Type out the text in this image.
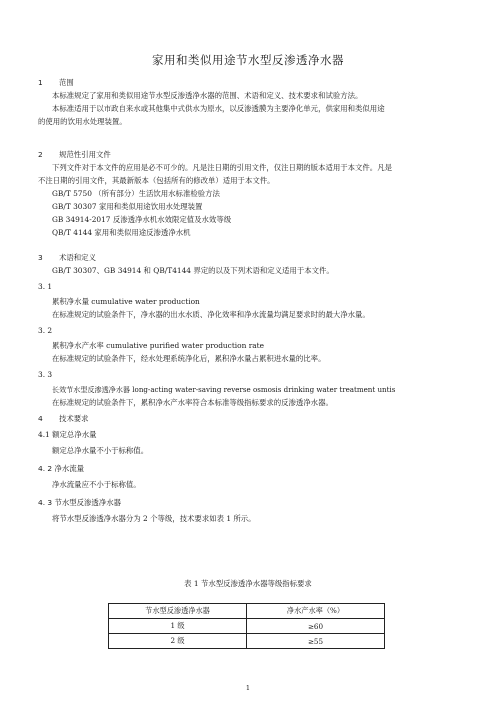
家用和类似用途节水型反渗透净水器
1 范围
本标准规定了家用和类似用途节水型反渗透净水器的范围、术语和定义、技术要求和试验方法。
本标准适用于以市政自来水或其他集中式供水为原水，以反渗透膜为主要净化单元，供家用和类似用途
的使用的饮用水处理装置。
2 规范性引用文件
下列文件对于本文件的应用是必不可少的。凡是注日期的引用文件，仅注日期的版本适用于本文件。凡是
不注日期的引用文件，其最新版本（包括所有的修改单）适用于本文件。
GB/T 5750 （所有部分）生活饮用水标准检验方法
GB/T 30307 家用和类似用途饮用水处理装置
GB 34914-2017 反渗透净水机水效限定值及水效等级
QB/T 4144 家用和类似用途反渗透净水机
3 术语和定义
GB/T 30307、GB 34914 和 QB/T4144 界定的以及下列术语和定义适用于本文件。
3. 1
累积净水量 cumulative water production
在标准规定的试验条件下，净水器的出水水质、净化效率和净水流量均满足要求时的最大净水量。
3. 2
累积净水产水率 cumulative purified water production rate
在标准规定的试验条件下，经水处理系统净化后，累积净水量占累积进水量的比率。
3. 3
长效节水型反渗透净水器 long-acting water-saving reverse osmosis drinking water treatment untis
在标准规定的试验条件下，累积净水产水率符合本标准等级指标要求的反渗透净水器。
4 技术要求
4.1 额定总净水量
额定总净水量不小于标称值。
4. 2 净水流量
净水流量应不小于标称值。
4. 3 节水型反渗透净水器
将节水型反渗透净水器分为 2 个等级，技术要求如表 1 所示。
表 1 节水型反渗透净水器等级指标要求
节水型反渗透净水器	净水产水率（%）
1 级	≥60
2 级	≥55
1
